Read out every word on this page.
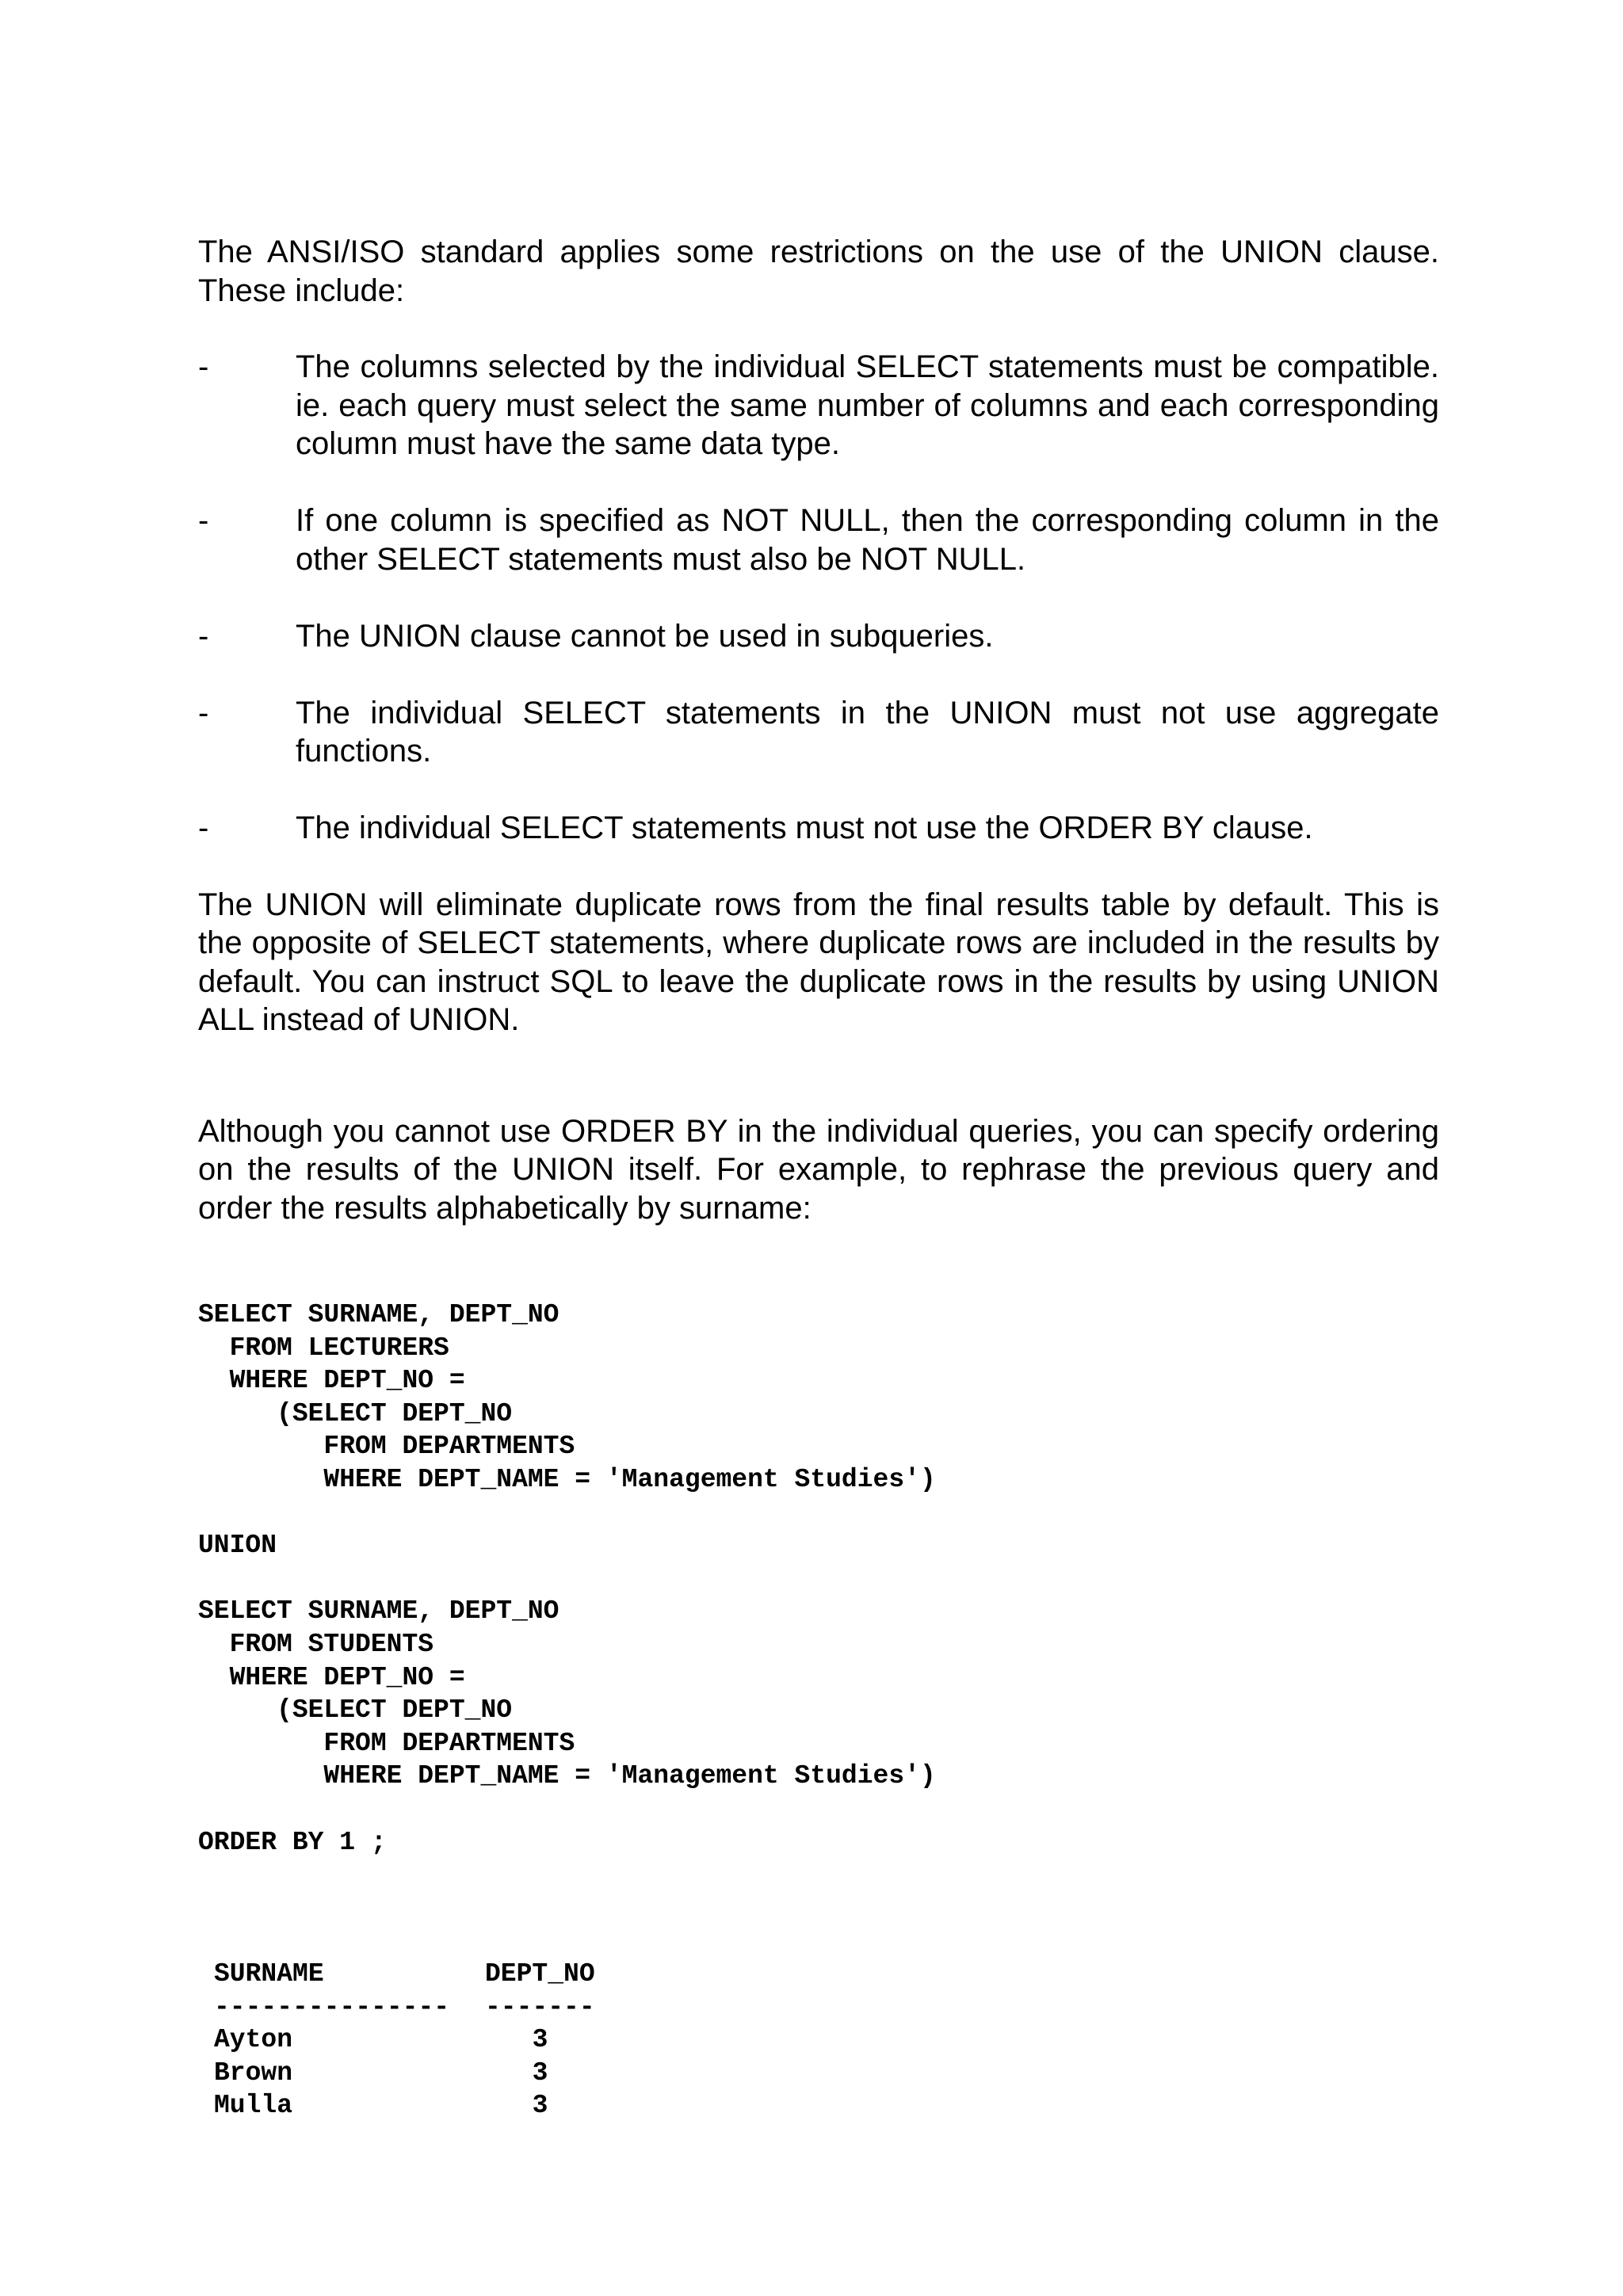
The ANSI/ISO standard applies some restrictions on the use of the UNION clause. These include:

-	The columns selected by the individual SELECT statements must be compatible. ie. each query must select the same number of columns and each corresponding column must have the same data type.
-	If one column is specified as NOT NULL, then the corresponding column in the other SELECT statements must also be NOT NULL.
-	The UNION clause cannot be used in subqueries.
-	The individual SELECT statements in the UNION must not use aggregate functions.
-	The individual SELECT statements must not use the ORDER BY clause.

The UNION will eliminate duplicate rows from the final results table by default. This is the opposite of SELECT statements, where duplicate rows are included in the results by default. You can instruct SQL to leave the duplicate rows in the results by using UNION ALL instead of UNION.

Although you cannot use ORDER BY in the individual queries, you can specify ordering on the results of the UNION itself. For example, to rephrase the previous query and order the results alphabetically by surname:

SELECT SURNAME, DEPT_NO
FROM LECTURERS
WHERE DEPT_NO =
(SELECT DEPT_NO
FROM DEPARTMENTS
WHERE DEPT_NAME = 'Management Studies')

UNION

SELECT SURNAME, DEPT_NO
FROM STUDENTS
WHERE DEPT_NO =
(SELECT DEPT_NO
FROM DEPARTMENTS
WHERE DEPT_NAME = 'Management Studies')

ORDER BY 1 ;
SURNAME	DEPT_NO
--------------- -------
Ayton	3
Brown	3
Mulla	3
